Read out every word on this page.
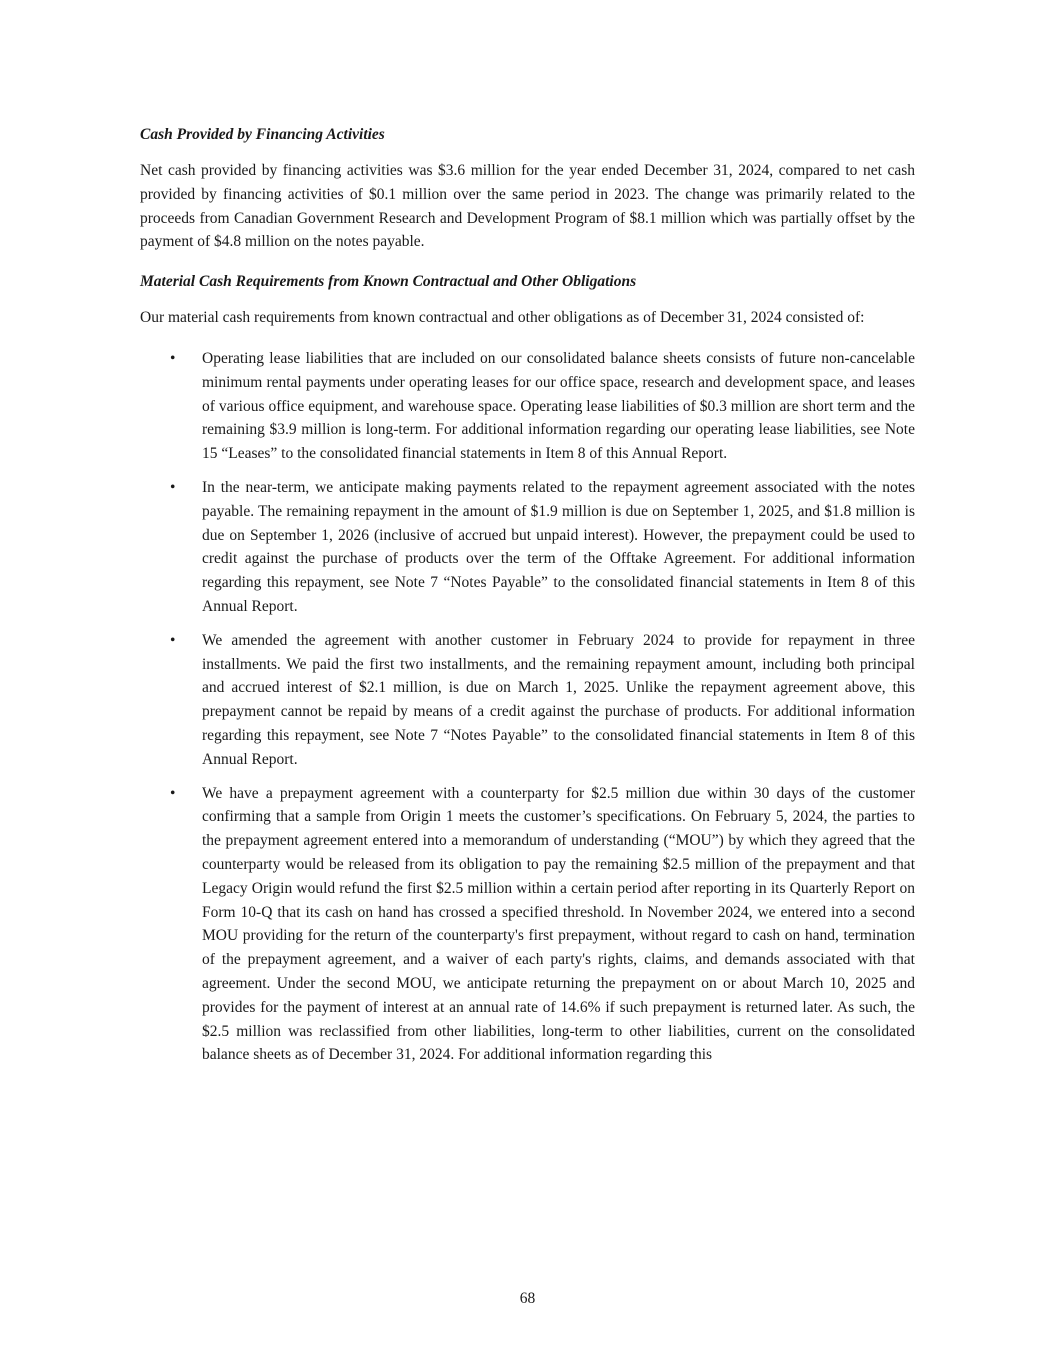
Cash Provided by Financing Activities

Net cash provided by financing activities was $3.6 million for the year ended December 31, 2024, compared to net cash provided by financing activities of $0.1 million over the same period in 2023. The change was primarily related to the proceeds from Canadian Government Research and Development Program of $8.1 million which was partially offset by the payment of $4.8 million on the notes payable.

Material Cash Requirements from Known Contractual and Other Obligations

Our material cash requirements from known contractual and other obligations as of December 31, 2024 consisted of:

• Operating lease liabilities that are included on our consolidated balance sheets consists of future non-cancelable minimum rental payments under operating leases for our office space, research and development space, and leases of various office equipment, and warehouse space. Operating lease liabilities of $0.3 million are short term and the remaining $3.9 million is long-term. For additional information regarding our operating lease liabilities, see Note 15 “Leases” to the consolidated financial statements in Item 8 of this Annual Report.
• In the near-term, we anticipate making payments related to the repayment agreement associated with the notes payable. The remaining repayment in the amount of $1.9 million is due on September 1, 2025, and $1.8 million is due on September 1, 2026 (inclusive of accrued but unpaid interest). However, the prepayment could be used to credit against the purchase of products over the term of the Offtake Agreement. For additional information regarding this repayment, see Note 7 “Notes Payable” to the consolidated financial statements in Item 8 of this Annual Report.
• We amended the agreement with another customer in February 2024 to provide for repayment in three installments. We paid the first two installments, and the remaining repayment amount, including both principal and accrued interest of $2.1 million, is due on March 1, 2025. Unlike the repayment agreement above, this prepayment cannot be repaid by means of a credit against the purchase of products. For additional information regarding this repayment, see Note 7 “Notes Payable” to the consolidated financial statements in Item 8 of this Annual Report.
• We have a prepayment agreement with a counterparty for $2.5 million due within 30 days of the customer confirming that a sample from Origin 1 meets the customer’s specifications. On February 5, 2024, the parties to the prepayment agreement entered into a memorandum of understanding (“MOU”) by which they agreed that the counterparty would be released from its obligation to pay the remaining $2.5 million of the prepayment and that Legacy Origin would refund the first $2.5 million within a certain period after reporting in its Quarterly Report on Form 10-Q that its cash on hand has crossed a specified threshold. In November 2024, we entered into a second MOU providing for the return of the counterparty's first prepayment, without regard to cash on hand, termination of the prepayment agreement, and a waiver of each party's rights, claims, and demands associated with that agreement. Under the second MOU, we anticipate returning the prepayment on or about March 10, 2025 and provides for the payment of interest at an annual rate of 14.6% if such prepayment is returned later. As such, the $2.5 million was reclassified from other liabilities, long-term to other liabilities, current on the consolidated balance sheets as of December 31, 2024. For additional information regarding this
68
